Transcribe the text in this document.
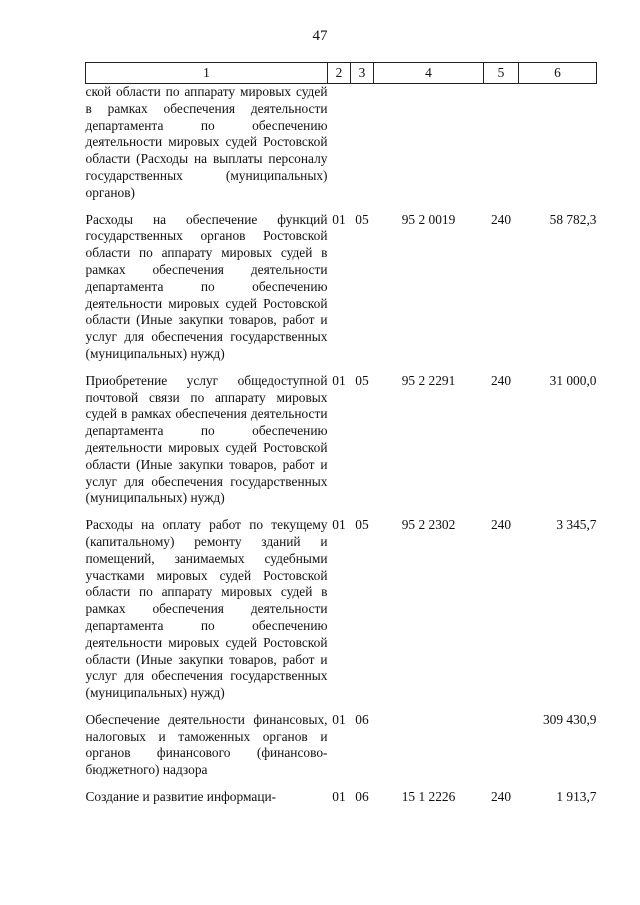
47
1	2	3	4	5	6
ской области по аппарату мировых судей в рамках обеспечения деятельности департамента по обеспечению деятельности мировых судей Ростовской области (Расходы на выплаты персоналу государственных (муниципальных) органов)					

Расходы на обеспечение функций государственных органов Ростовской области по аппарату мировых судей в рамках обеспечения деятельности департамента по обеспечению деятельности мировых судей Ростовской области (Иные закупки товаров, работ и услуг для обеспечения государственных (муниципальных) нужд)	01	05	95 2 0019	240	58 782,3

Приобретение услуг общедоступной почтовой связи по аппарату мировых судей в рамках обеспечения деятельности департамента по обеспечению деятельности мировых судей Ростовской области (Иные закупки товаров, работ и услуг для обеспечения государственных (муниципальных) нужд)	01	05	95 2 2291	240	31 000,0

Расходы на оплату работ по текущему (капитальному) ремонту зданий и помещений, занимаемых судебными участками мировых судей Ростовской области по аппарату мировых судей в рамках обеспечения деятельности департамента по обеспечению деятельности мировых судей Ростовской области (Иные закупки товаров, работ и услуг для обеспечения государственных (муниципальных) нужд)	01	05	95 2 2302	240	3 345,7

Обеспечение деятельности финансовых, налоговых и таможенных органов и органов финансового (финансово-бюджетного) надзора	01	06			309 430,9

Создание и развитие информаци-	01	06	15 1 2226	240	1 913,7
